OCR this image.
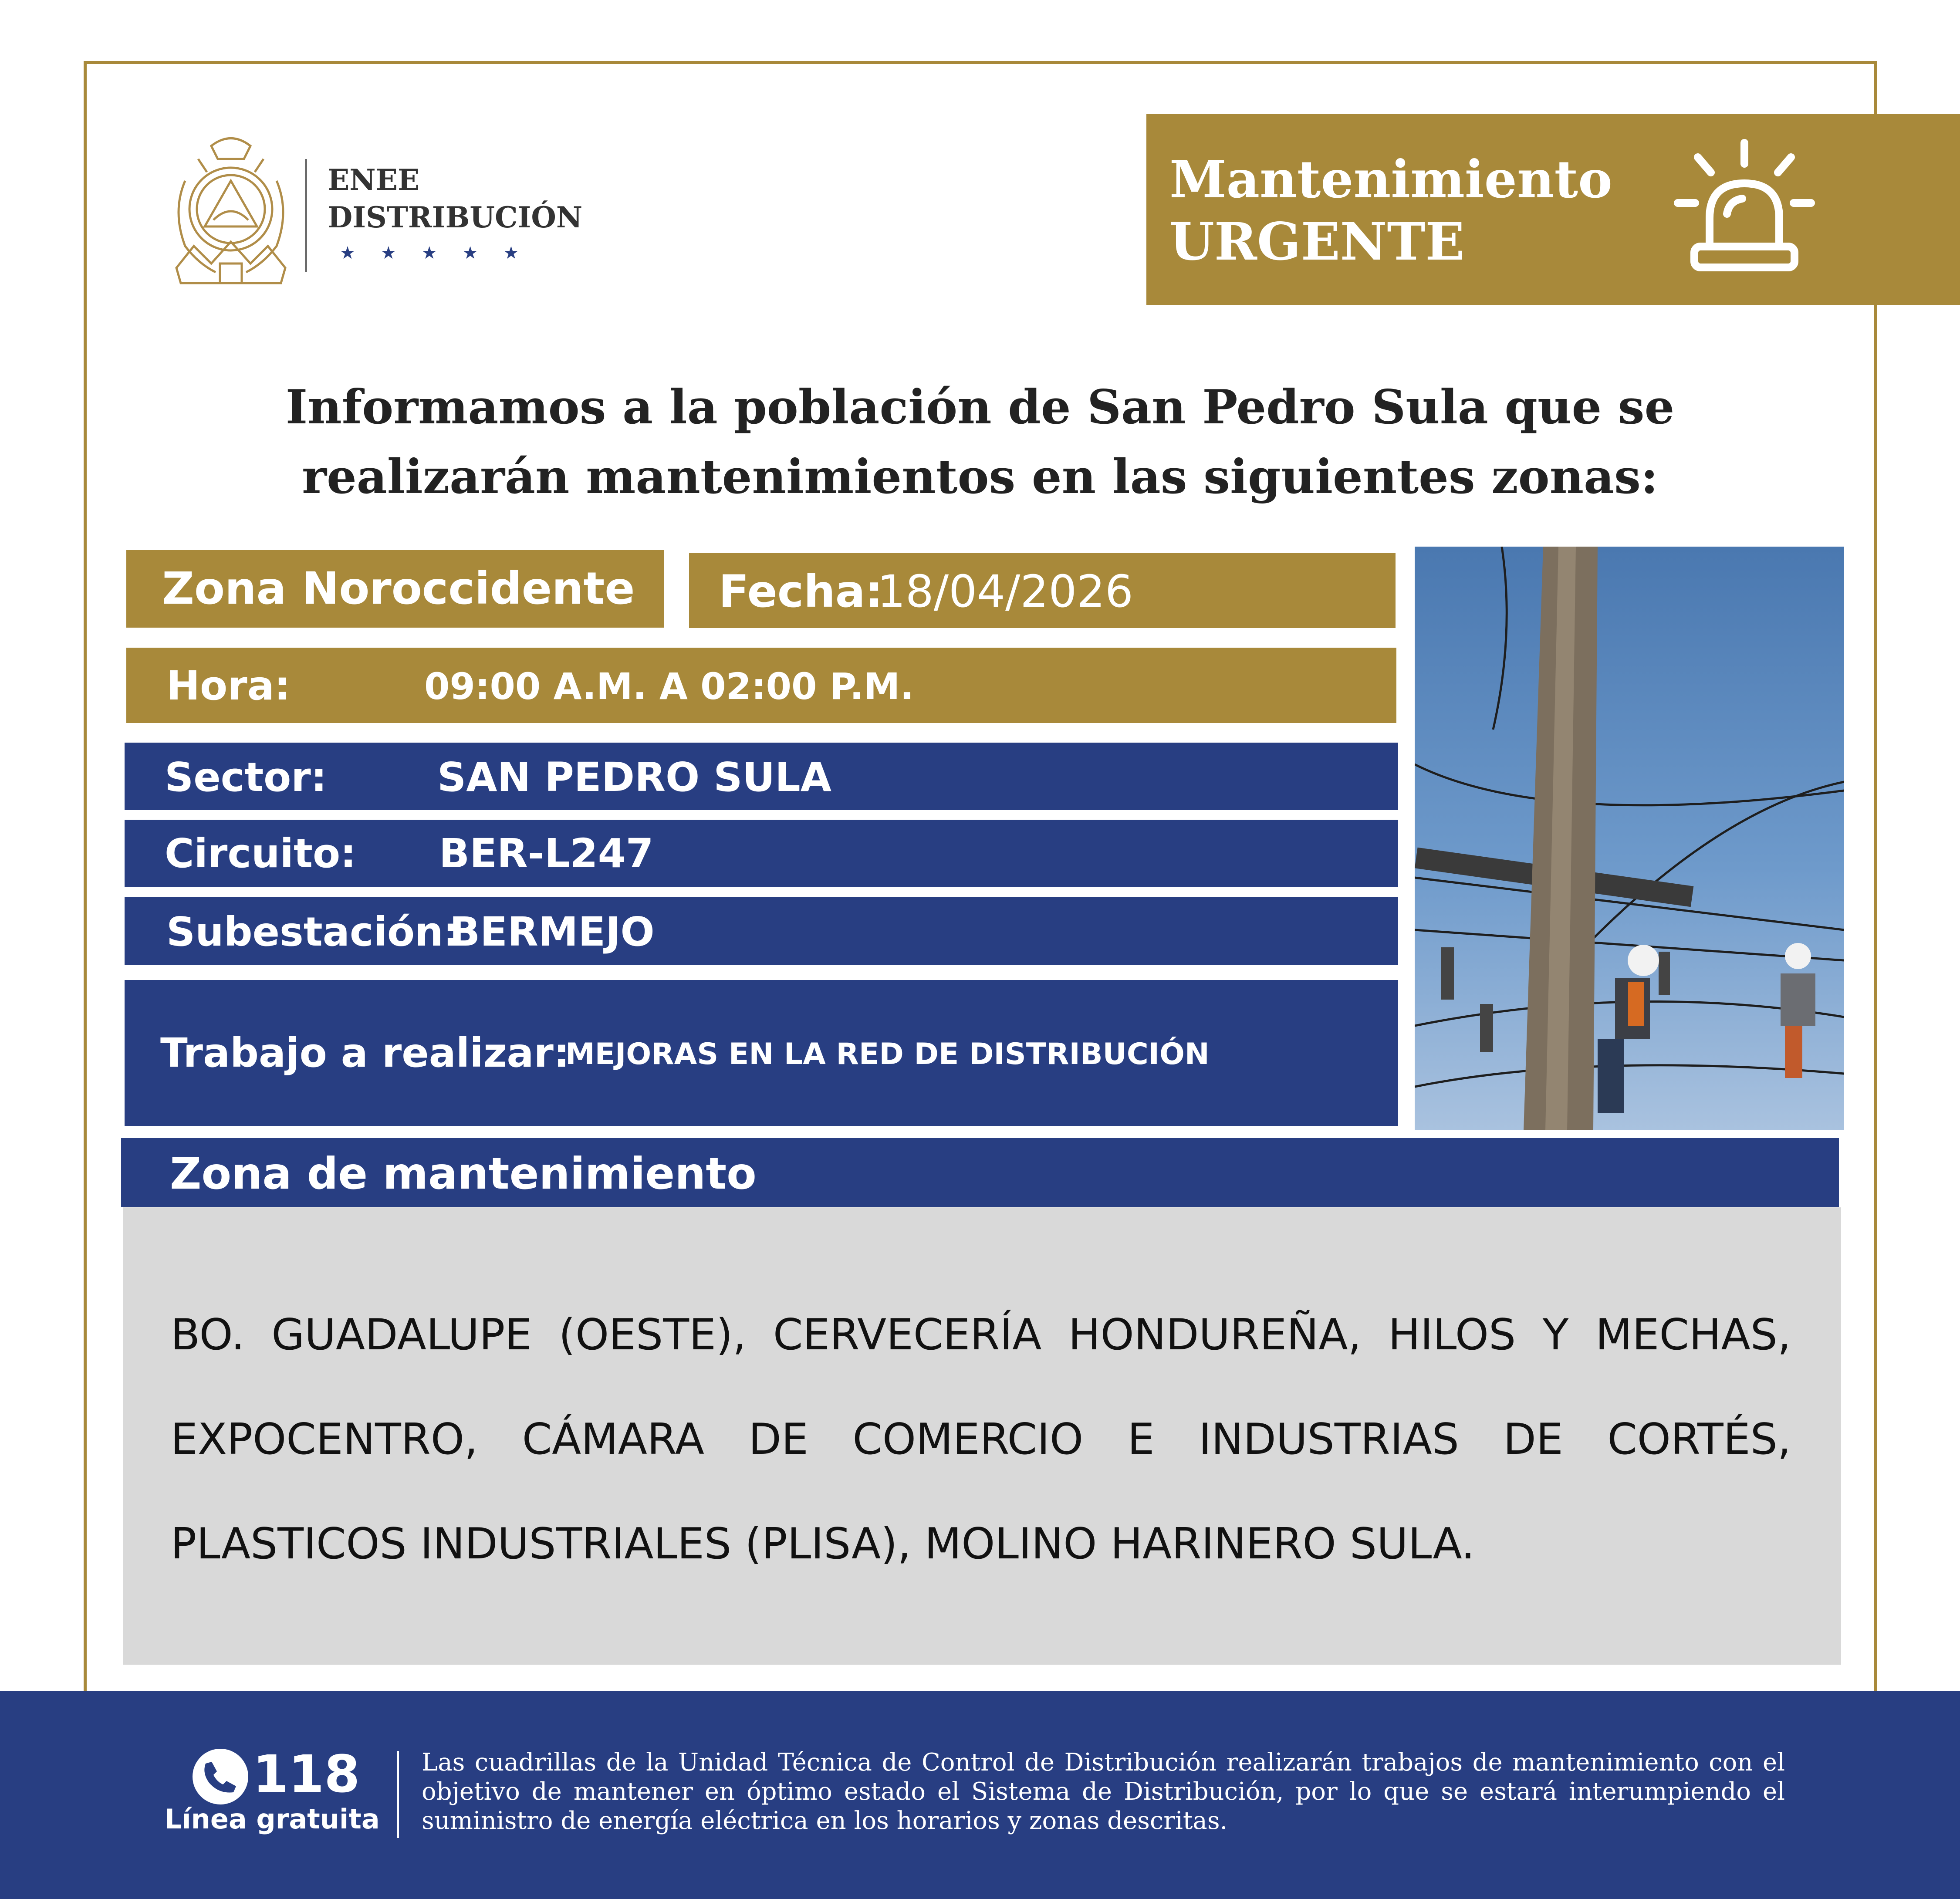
ENEE
DISTRIBUCIÓN
★★★★★
Mantenimiento
URGENTE
Informamos a la población de San Pedro Sula que se realizarán mantenimientos en las siguientes zonas:
Zona Noroccidente Fecha:
18/04/2026
Hora:	09:00 A.M. A 02:00 P.M.
Sector:	SAN PEDRO SULA
Circuito: BER-L247
Subestación:
BERMEJO
Trabajo a realizar:
MEJORAS EN LA RED DE DISTRIBUCIÓN
Zona de mantenimiento
BO. GUADALUPE (OESTE), CERVECERÍA HONDUREÑA, HILOS Y MECHAS, EXPOCENTRO, CÁMARA DE COMERCIO E INDUSTRIAS DE CORTÉS, PLASTICOS INDUSTRIALES (PLISA), MOLINO HARINERO SULA.
118
Línea gratuita
Las cuadrillas de la Unidad Técnica de Control de Distribución realizarán trabajos de mantenimiento con el objetivo de mantener en óptimo estado el Sistema de Distribución, por lo que se estará interumpiendo el suministro de energía eléctrica en los horarios y zonas descritas.
